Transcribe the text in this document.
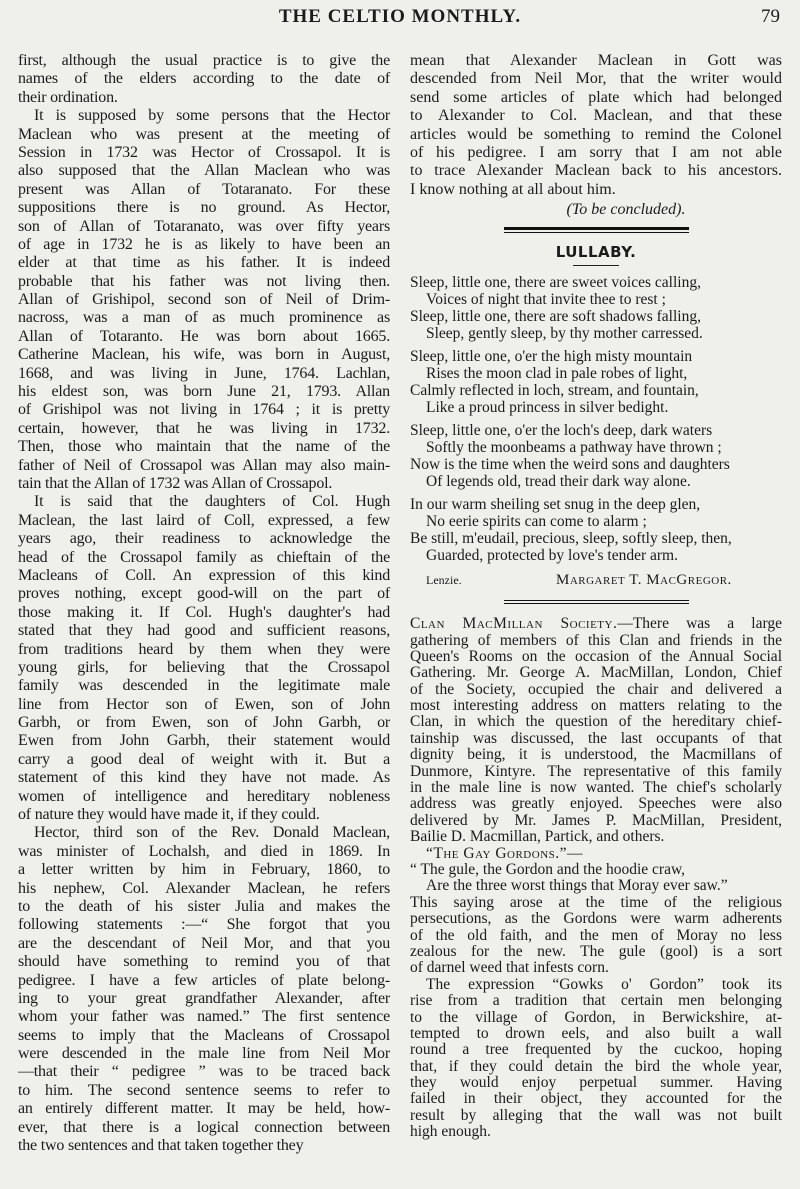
THE CELTIO MONTHLY.	79
first, although the usual practice is to give the
names of the elders according to the date of
their ordination.
It is supposed by some persons that the Hector
Maclean who was present at the meeting of
Session in 1732 was Hector of Crossapol. It is
also supposed that the Allan Maclean who was
present was Allan of Totaranato. For these
suppositions there is no ground. As Hector,
son of Allan of Totaranato, was over fifty years
of age in 1732 he is as likely to have been an
elder at that time as his father. It is indeed
probable that his father was not living then.
Allan of Grishipol, second son of Neil of Drim-
nacross, was a man of as much prominence as
Allan of Totaranto. He was born about 1665.
Catherine Maclean, his wife, was born in August,
1668, and was living in June, 1764. Lachlan,
his eldest son, was born June 21, 1793. Allan
of Grishipol was not living in 1764 ; it is pretty
certain, however, that he was living in 1732.
Then, those who maintain that the name of the
father of Neil of Crossapol was Allan may also main-
tain that the Allan of 1732 was Allan of Crossapol.
It is said that the daughters of Col. Hugh
Maclean, the last laird of Coll, expressed, a few
years ago, their readiness to acknowledge the
head of the Crossapol family as chieftain of the
Macleans of Coll. An expression of this kind
proves nothing, except good-will on the part of
those making it. If Col. Hugh's daughter's had
stated that they had good and sufficient reasons,
from traditions heard by them when they were
young girls, for believing that the Crossapol
family was descended in the legitimate male
line from Hector son of Ewen, son of John
Garbh, or from Ewen, son of John Garbh, or
Ewen from John Garbh, their statement would
carry a good deal of weight with it. But a
statement of this kind they have not made. As
women of intelligence and hereditary nobleness
of nature they would have made it, if they could.
Hector, third son of the Rev. Donald Maclean,
was minister of Lochalsh, and died in 1869. In
a letter written by him in February, 1860, to
his nephew, Col. Alexander Maclean, he refers
to the death of his sister Julia and makes the
following statements :—“ She forgot that you
are the descendant of Neil Mor, and that you
should have something to remind you of that
pedigree. I have a few articles of plate belong-
ing to your great grandfather Alexander, after
whom your father was named.” The first sentence
seems to imply that the Macleans of Crossapol
were descended in the male line from Neil Mor
—that their “ pedigree ” was to be traced back
to him. The second sentence seems to refer to
an entirely different matter. It may be held, how-
ever, that there is a logical connection between
the two sentences and that taken together they
mean that Alexander Maclean in Gott was
descended from Neil Mor, that the writer would
send some articles of plate which had belonged
to Alexander to Col. Maclean, and that these
articles would be something to remind the Colonel
of his pedigree. I am sorry that I am not able
to trace Alexander Maclean back to his ancestors.
I know nothing at all about him.
(To be concluded).
LULLABY.
Sleep, little one, there are sweet voices calling,
Voices of night that invite thee to rest ;
Sleep, little one, there are soft shadows falling,
Sleep, gently sleep, by thy mother carressed.
Sleep, little one, o'er the high misty mountain
Rises the moon clad in pale robes of light,
Calmly reflected in loch, stream, and fountain,
Like a proud princess in silver bedight.
Sleep, little one, o'er the loch's deep, dark waters
Softly the moonbeams a pathway have thrown ;
Now is the time when the weird sons and daughters
Of legends old, tread their dark way alone.
In our warm sheiling set snug in the deep glen,
No eerie spirits can come to alarm ;
Be still, m'eudail, precious, sleep, softly sleep, then,
Guarded, protected by love's tender arm.
Lenzie.	Margaret T. MacGregor.
Clan MacMillan Society.—There was a large
gathering of members of this Clan and friends in the
Queen's Rooms on the occasion of the Annual Social
Gathering. Mr. George A. MacMillan, London, Chief
of the Society, occupied the chair and delivered a
most interesting address on matters relating to the
Clan, in which the question of the hereditary chief-
tainship was discussed, the last occupants of that
dignity being, it is understood, the Macmillans of
Dunmore, Kintyre. The representative of this family
in the male line is now wanted. The chief's scholarly
address was greatly enjoyed. Speeches were also
delivered by Mr. James P. MacMillan, President,
Bailie D. Macmillan, Partick, and others.
“The Gay Gordons.”—
“ The gule, the Gordon and the hoodie craw,
Are the three worst things that Moray ever saw.”
This saying arose at the time of the religious
persecutions, as the Gordons were warm adherents
of the old faith, and the men of Moray no less
zealous for the new. The gule (gool) is a sort
of darnel weed that infests corn.
The expression “Gowks o' Gordon” took its
rise from a tradition that certain men belonging
to the village of Gordon, in Berwickshire, at-
tempted to drown eels, and also built a wall
round a tree frequented by the cuckoo, hoping
that, if they could detain the bird the whole year,
they would enjoy perpetual summer. Having
failed in their object, they accounted for the
result by alleging that the wall was not built
high enough.
